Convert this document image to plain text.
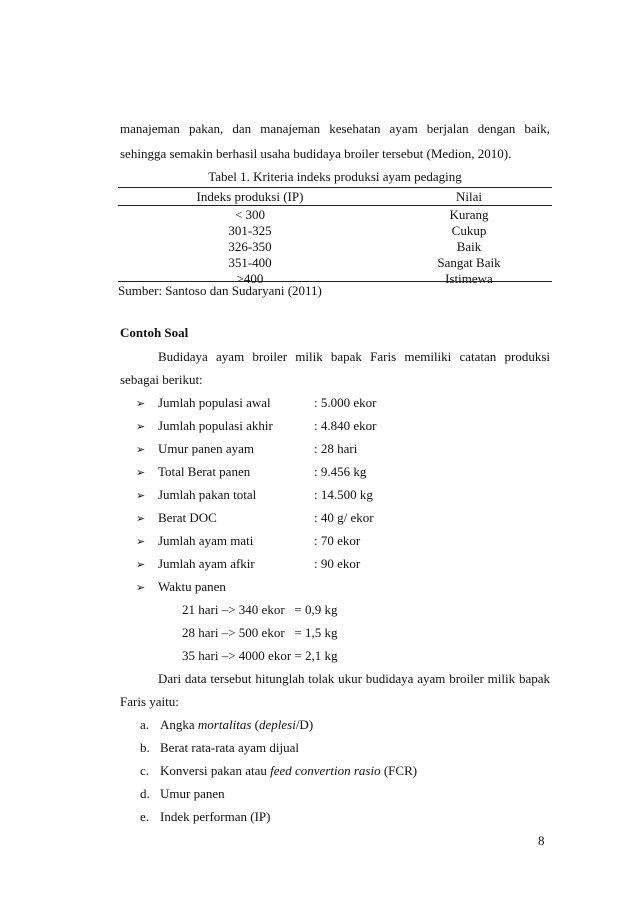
manajeman pakan, dan manajeman kesehatan ayam berjalan dengan baik,
sehingga semakin berhasil usaha budidaya broiler tersebut (Medion, 2010).
Tabel 1. Kriteria indeks produksi ayam pedaging
Indeks produksi (IP)	Nilai
< 300	Kurang
301-325	Cukup
326-350	Baik
351-400	Sangat Baik
>400	Istimewa
Sumber: Santoso dan Sudaryani (2011)
Contoh Soal
Budidaya ayam broiler milik bapak Faris memiliki catatan produksi
sebagai berikut:
➢ Jumlah populasi awal	: 5.000 ekor
➢ Jumlah populasi akhir	: 4.840 ekor
➢ Umur panen ayam	: 28 hari
➢ Total Berat panen	: 9.456 kg
➢ Jumlah pakan total	: 14.500 kg
➢ Berat DOC	: 40 g/ ekor
➢ Jumlah ayam mati	: 70 ekor
➢ Jumlah ayam afkir	: 90 ekor
➢ Waktu panen
21 hari –> 340 ekor   = 0,9 kg
28 hari –> 500 ekor   = 1,5 kg
35 hari –> 4000 ekor = 2,1 kg
Dari data tersebut hitunglah tolak ukur budidaya ayam broiler milik bapak
Faris yaitu:
a. Angka mortalitas (deplesi/D)
b. Berat rata-rata ayam dijual
c. Konversi pakan atau feed convertion rasio (FCR)
d. Umur panen
e. Indek performan (IP)
8
